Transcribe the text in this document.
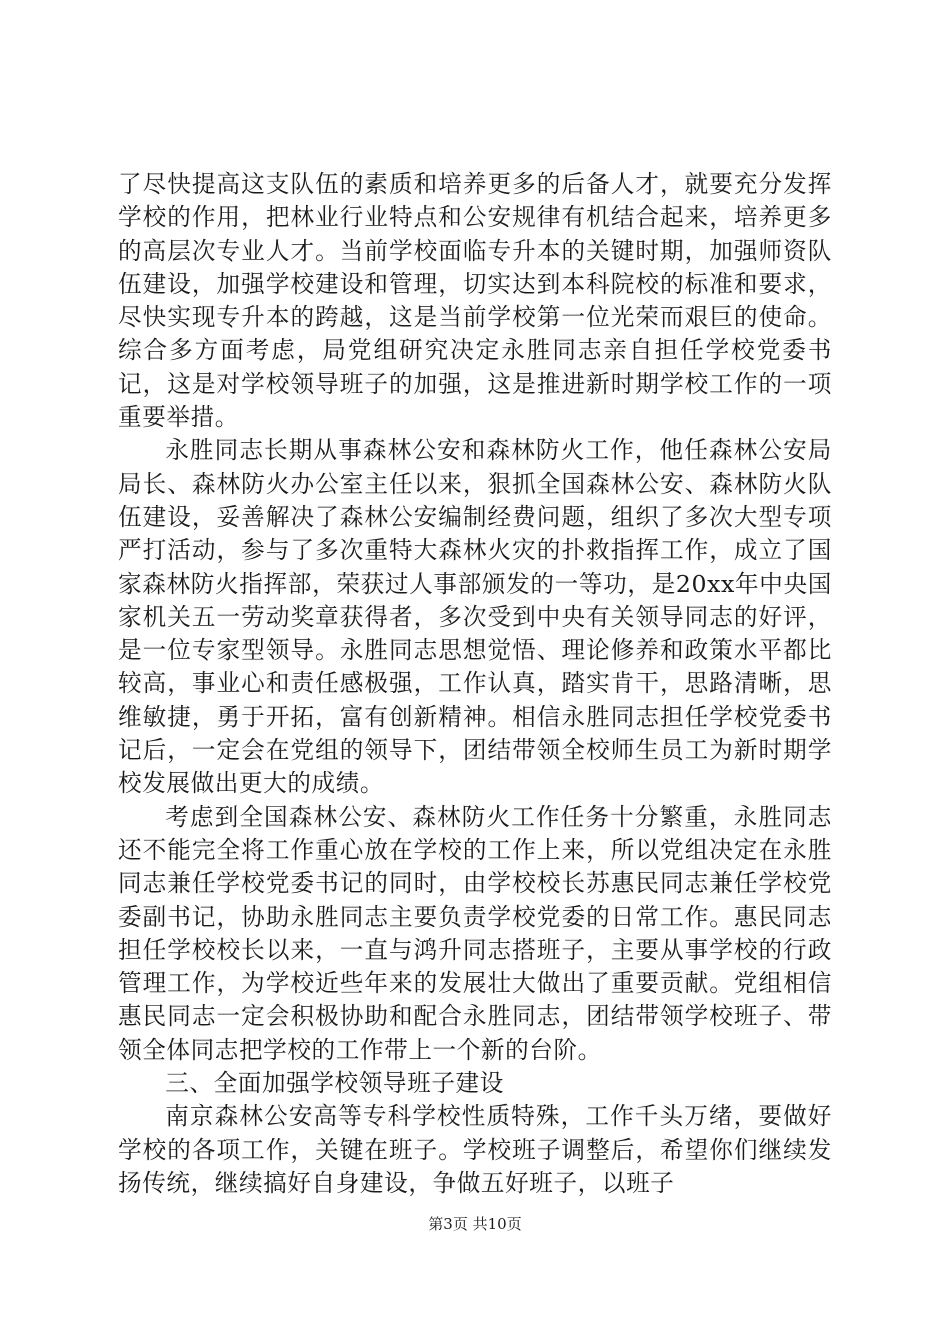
了尽快提高这支队伍的素质和培养更多的后备人才，就要充分发挥学校的作用，把林业行业特点和公安规律有机结合起来，培养更多的高层次专业人才。当前学校面临专升本的关键时期，加强师资队伍建设，加强学校建设和管理，切实达到本科院校的标准和要求，尽快实现专升本的跨越，这是当前学校第一位光荣而艰巨的使命。综合多方面考虑，局党组研究决定永胜同志亲自担任学校党委书记，这是对学校领导班子的加强，这是推进新时期学校工作的一项重要举措。

永胜同志长期从事森林公安和森林防火工作，他任森林公安局局长、森林防火办公室主任以来，狠抓全国森林公安、森林防火队伍建设，妥善解决了森林公安编制经费问题，组织了多次大型专项严打活动，参与了多次重特大森林火灾的扑救指挥工作，成立了国家森林防火指挥部，荣获过人事部颁发的一等功，是20xx年中央国家机关五一劳动奖章获得者，多次受到中央有关领导同志的好评，是一位专家型领导。永胜同志思想觉悟、理论修养和政策水平都比较高，事业心和责任感极强，工作认真，踏实肯干，思路清晰，思维敏捷，勇于开拓，富有创新精神。相信永胜同志担任学校党委书记后，一定会在党组的领导下，团结带领全校师生员工为新时期学校发展做出更大的成绩。

考虑到全国森林公安、森林防火工作任务十分繁重，永胜同志还不能完全将工作重心放在学校的工作上来，所以党组决定在永胜同志兼任学校党委书记的同时，由学校校长苏惠民同志兼任学校党委副书记，协助永胜同志主要负责学校党委的日常工作。惠民同志担任学校校长以来，一直与鸿升同志搭班子，主要从事学校的行政管理工作，为学校近些年来的发展壮大做出了重要贡献。党组相信惠民同志一定会积极协助和配合永胜同志，团结带领学校班子、带领全体同志把学校的工作带上一个新的台阶。

三、全面加强学校领导班子建设

南京森林公安高等专科学校性质特殊，工作千头万绪，要做好学校的各项工作，关键在班子。学校班子调整后，希望你们继续发扬传统，继续搞好自身建设，争做五好班子，以班子

第3页 共10页
